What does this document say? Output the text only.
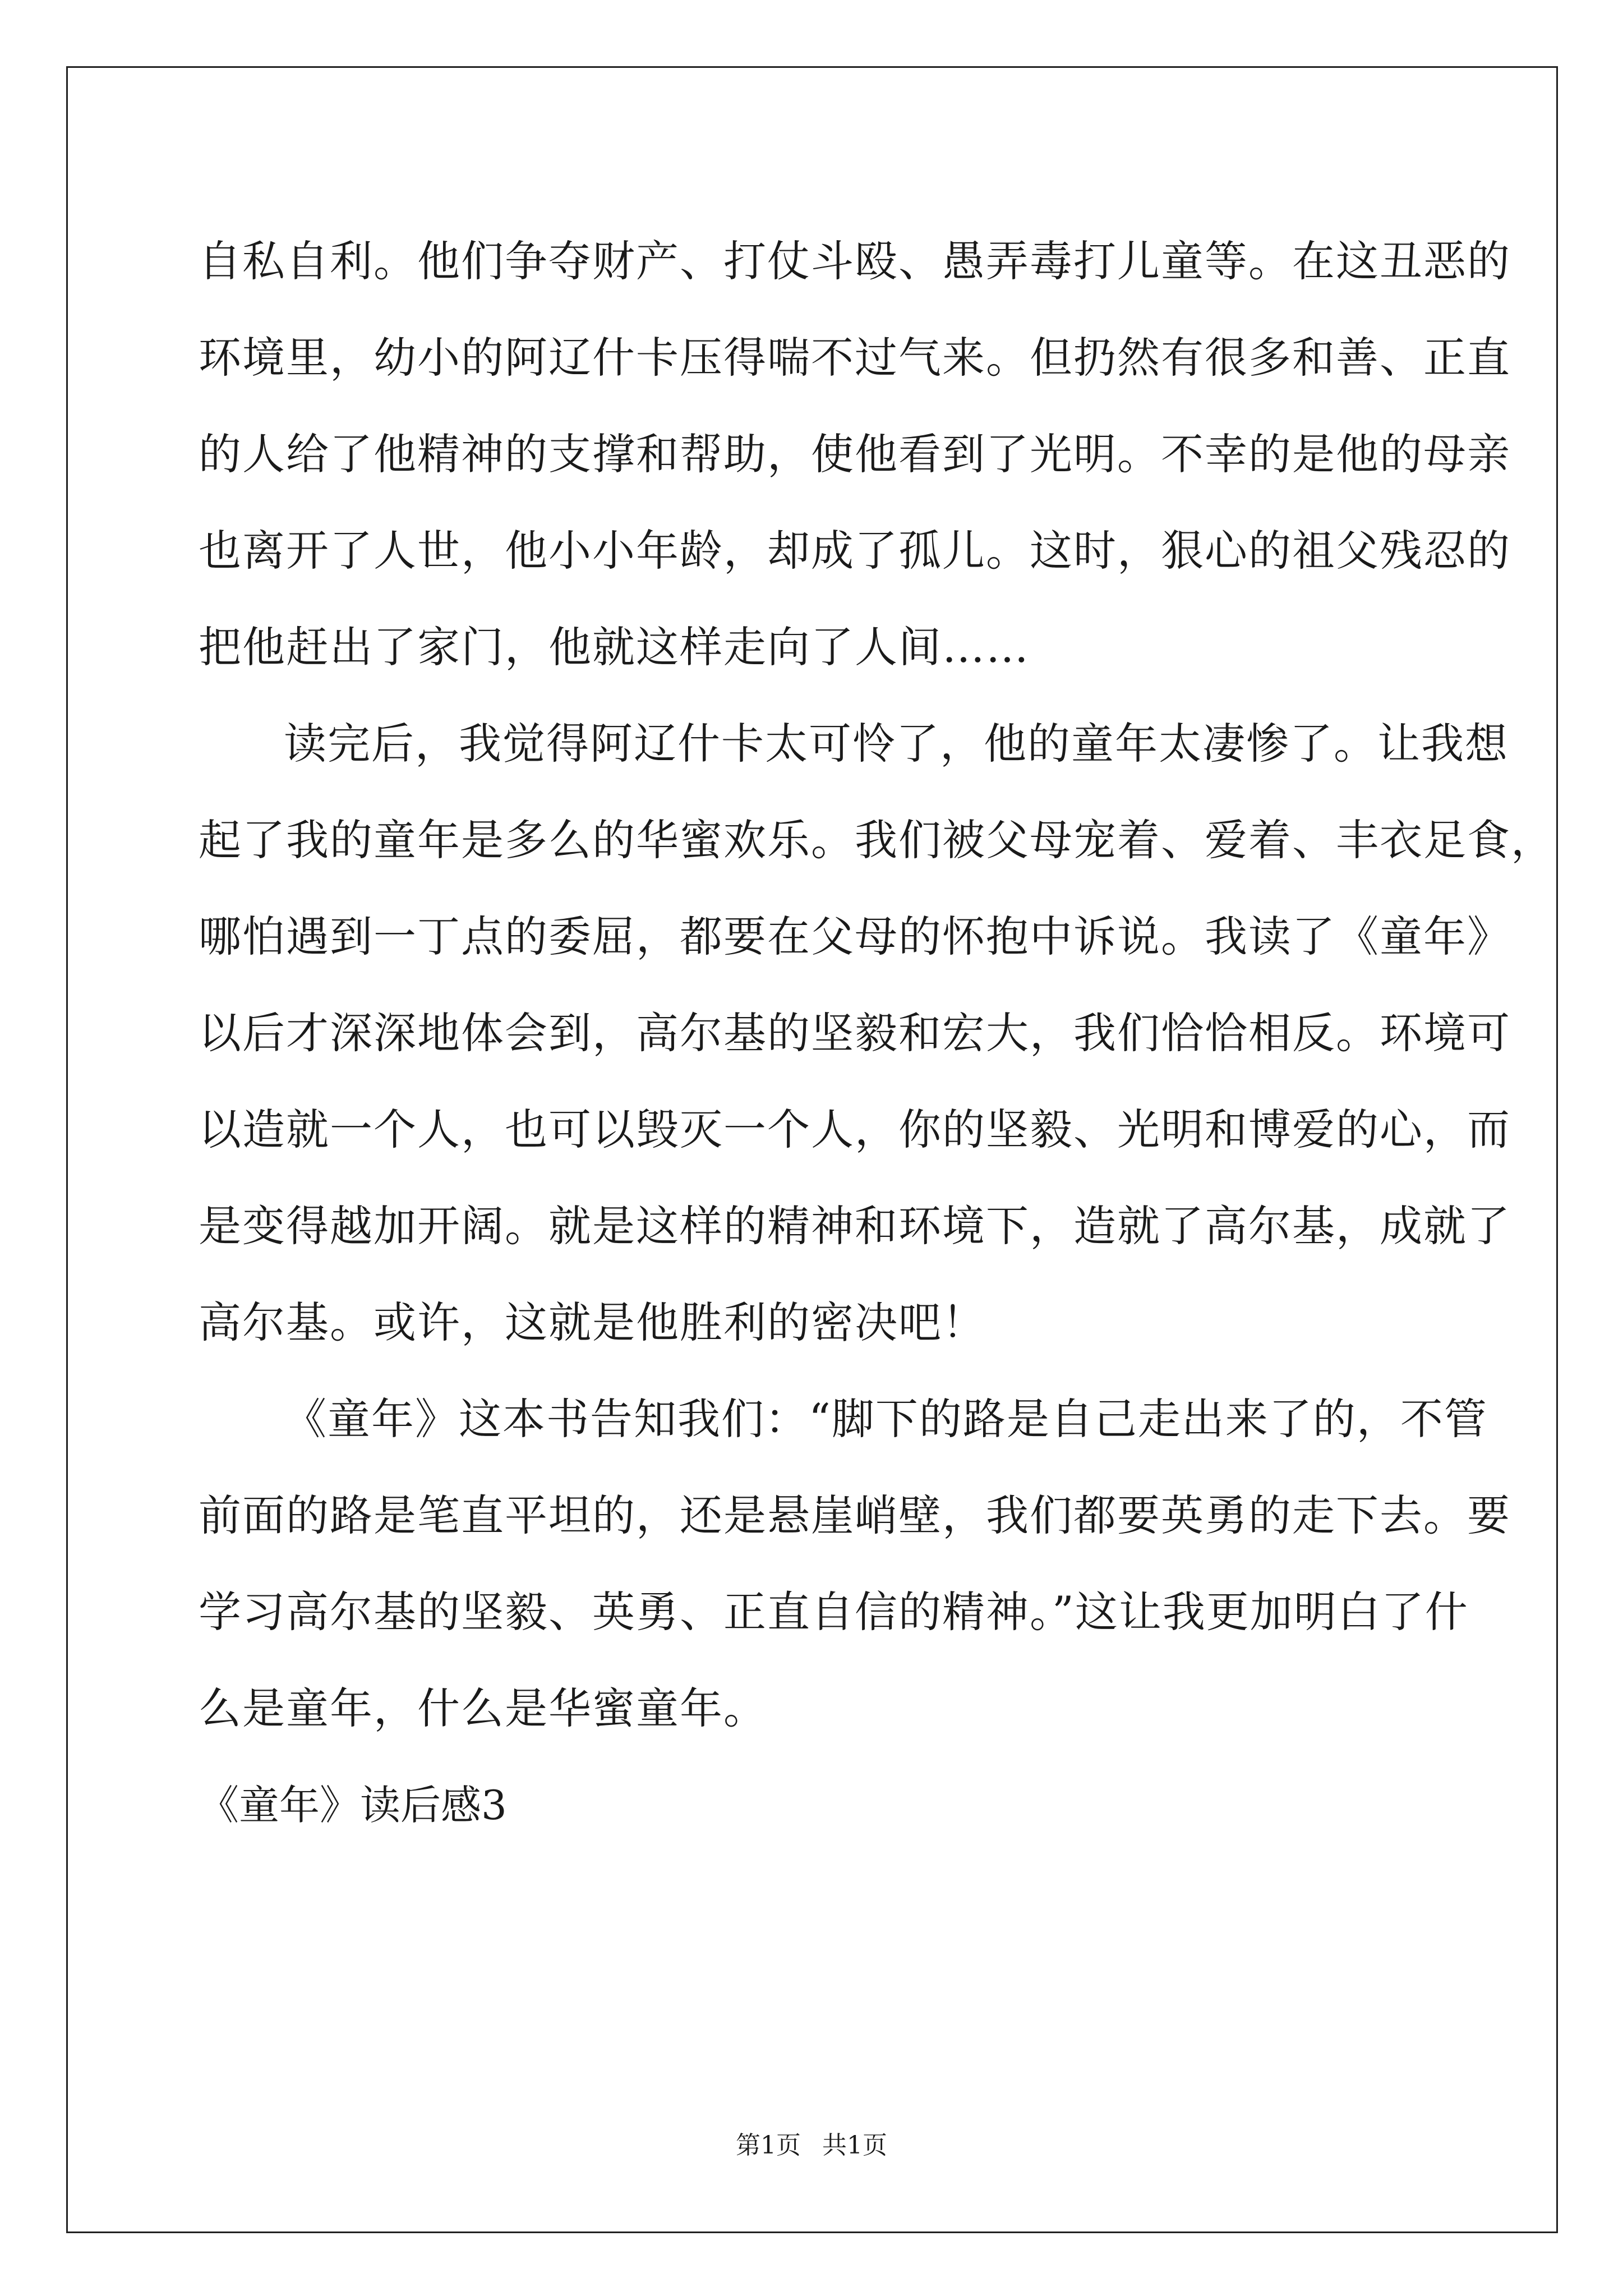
自私自利。他们争夺财产、打仗斗殴、愚弄毒打儿童等。在这丑恶的
环境里，幼小的阿辽什卡压得喘不过气来。但扔然有很多和善、正直
的人给了他精神的支撑和帮助，使他看到了光明。不幸的是他的母亲
也离开了人世，他小小年龄，却成了孤儿。这时，狠心的祖父残忍的
把他赶出了家门，他就这样走向了人间……
读完后，我觉得阿辽什卡太可怜了，他的童年太凄惨了。让我想
起了我的童年是多么的华蜜欢乐。我们被父母宠着、爱着、丰衣足食，
哪怕遇到一丁点的委屈，都要在父母的怀抱中诉说。我读了《童年》
以后才深深地体会到，高尔基的坚毅和宏大，我们恰恰相反。环境可
以造就一个人，也可以毁灭一个人，你的坚毅、光明和博爱的心，而
是变得越加开阔。就是这样的精神和环境下，造就了高尔基，成就了
高尔基。或许，这就是他胜利的密决吧！
《童年》这本书告知我们：“脚下的路是自己走出来了的，不管
前面的路是笔直平坦的，还是悬崖峭壁，我们都要英勇的走下去。要
学习高尔基的坚毅、英勇、正直自信的精神。”这让我更加明白了什
么是童年，什么是华蜜童年。
《童年》读后感3
第1页 共1页
